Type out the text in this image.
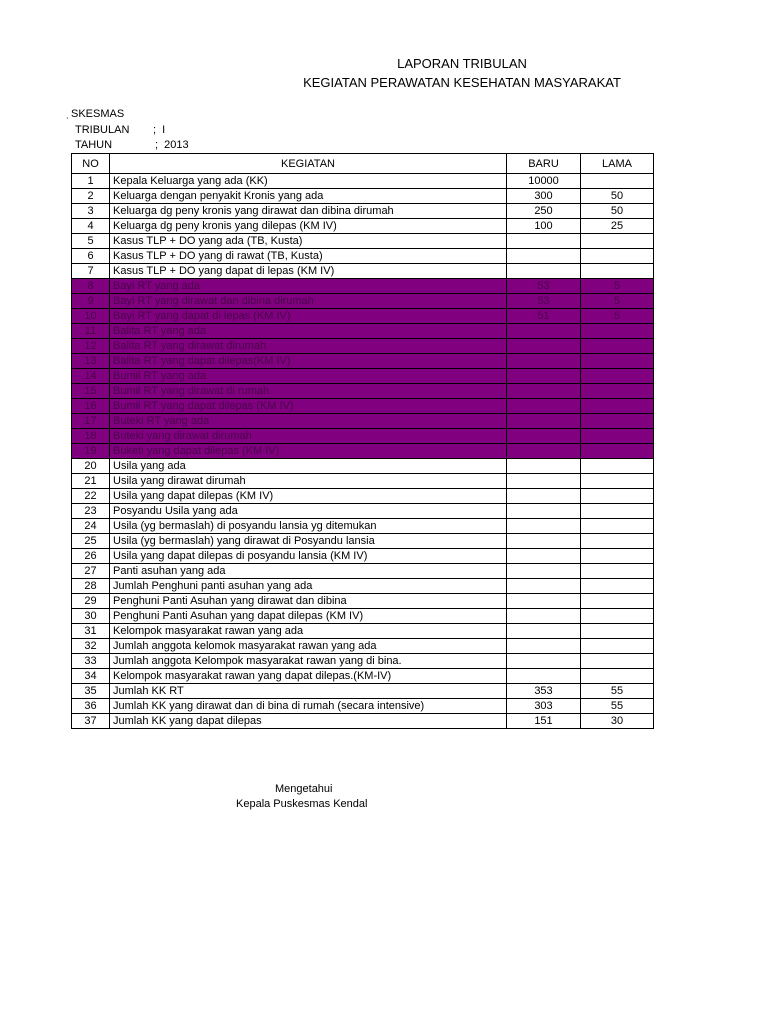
LAPORAN TRIBULAN
KEGIATAN PERAWATAN KESEHATAN MASYARAKAT
̣SKESMAS
TRIBULAN ;  I
TAHUN	;  2013
NO	KEGIATAN	BARU	LAMA
1	Kepala Keluarga yang ada (KK)	10000	
2	Keluarga dengan penyakit Kronis yang ada	300	50
3	Keluarga dg peny kronis yang dirawat dan dibina dirumah	250	50
4	Keluarga dg peny kronis yang dilepas (KM IV)	100	25
5	Kasus TLP + DO yang ada (TB, Kusta)		
6	Kasus TLP + DO yang di rawat (TB, Kusta)		
7	Kasus TLP + DO yang dapat di lepas (KM IV)		
8	Bayi RT yang ada	53	5
9	Bayi RT yang dirawat dan dibina dirumah	53	5
10	Bayi RT yang dapat di lepas (KM IV)	51	5
11	Balita RT yang ada		
12	Balita RT yang dirawat dirumah		
13	Balita RT yang dapat dilepas(KM IV)		
14	Bumil RT yang ada		
15	Bumil RT yang dirawat di rumah		
16	Bumil RT yang dapat dilepas (KM IV)		
17	Buteki RT yang ada		
18	Buteki yang dirawat dirumah		
19	Buketi yang dapat dilepas (KM IV)		
20	Usila yang ada		
21	Usila yang dirawat dirumah		
22	Usila yang dapat dilepas (KM IV)		
23	Posyandu Usila yang ada		
24	Usila (yg bermaslah) di posyandu lansia yg ditemukan		
25	Usila (yg bermaslah) yang dirawat di Posyandu lansia		
26	Usila yang dapat dilepas di posyandu lansia (KM IV)		
27	Panti asuhan yang ada		
28	Jumlah Penghuni panti asuhan yang ada		
29	Penghuni Panti Asuhan yang dirawat dan dibina		
30	Penghuni Panti Asuhan yang dapat dilepas (KM IV)		
31	Kelompok masyarakat rawan yang ada		
32	Jumlah anggota kelomok masyarakat rawan yang ada		
33	Jumlah anggota Kelompok masyarakat rawan yang di bina.		
34	Kelompok masyarakat rawan yang dapat dilepas.(KM-IV)		
35	Jumlah KK RT	353	55
36	Jumlah KK yang dirawat dan di bina di rumah (secara intensive)	303	55
37	Jumlah KK yang dapat dilepas	151	30
Mengetahui
Kepala Puskesmas Kendal
